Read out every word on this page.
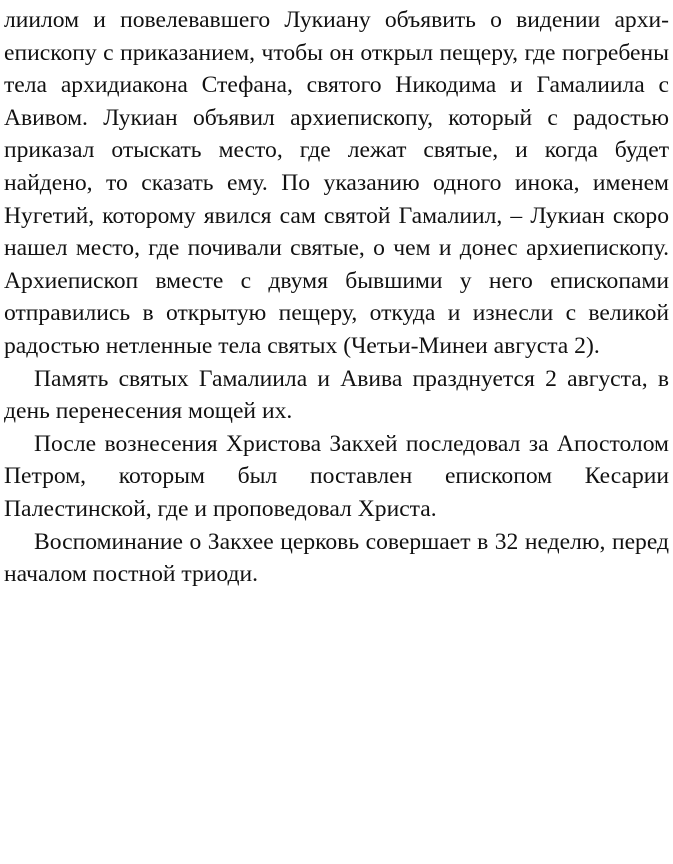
лиилом и повелевавшего Лукиану объявить о видении архиепископу с приказанием, чтобы он открыл пещеру, где погребены тела архидиакона Стефана, святого Никодима и Гамалиила с Авивом. Лукиан объявил архиепископу, который с радостью приказал отыскать место, где лежат святые, и когда будет найдено, то сказать ему. По указанию одного инока, именем Нугетий, которому явился сам святой Гамалиил, – Лукиан скоро нашел место, где почивали святые, о чем и донес архиепископу. Архиепископ вместе с двумя бывшими у него епископами отправились в открытую пещеру, откуда и изнесли с великой радостью нетленные тела святых (Четьи-Минеи августа 2).

Память святых Гамалиила и Авива празднуется 2 августа, в день перенесения мощей их.

После вознесения Христова Закхей последовал за Апостолом Петром, которым был поставлен епископом Кесарии Палестинской, где и проповедовал Христа.

Воспоминание о Закхее церковь совершает в 32 неделю, перед началом постной триоди.
